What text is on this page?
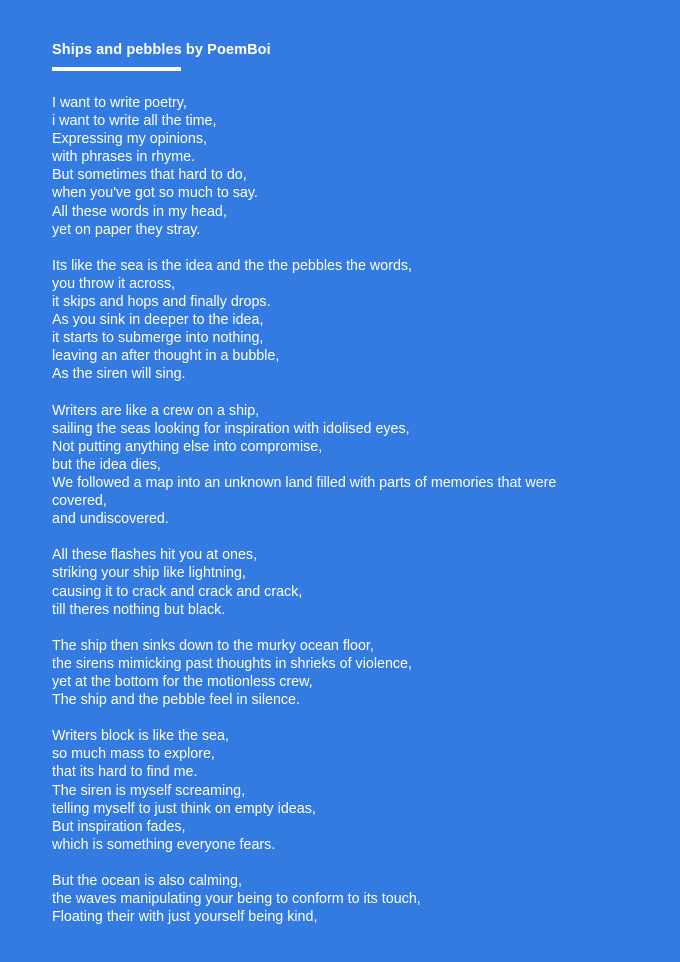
Ships and pebbles by PoemBoi
I want to write poetry,
i want to write all the time,
Expressing my opinions,
with phrases in rhyme.
But sometimes that hard to do,
when you've got so much to say.
All these words in my head,
yet on paper they stray.
Its like the sea is the idea and the the pebbles the words,
you throw it across,
it skips and hops and finally drops.
As you sink in deeper to the idea,
it starts to submerge into nothing,
leaving an after thought in a bubble,
As the siren will sing.
Writers are like a crew on a ship,
sailing the seas looking for inspiration with idolised eyes,
Not putting anything else into compromise,
but the idea dies,
We followed a map into an unknown land filled with parts of memories that were covered,
and undiscovered.
All these flashes hit you at ones,
striking your ship like lightning,
causing it to crack and crack and crack,
till theres nothing but black.
The ship then sinks down to the murky ocean floor,
the sirens mimicking past thoughts in shrieks of violence,
yet at the bottom for the motionless crew,
The ship and the pebble feel in silence.
Writers block is like the sea,
so much mass to explore,
that its hard to find me.
The siren is myself screaming,
telling myself to just think on empty ideas,
But inspiration fades,
which is something everyone fears.
But the ocean is also calming,
the waves manipulating your being to conform to its touch,
Floating their with just yourself being kind,
